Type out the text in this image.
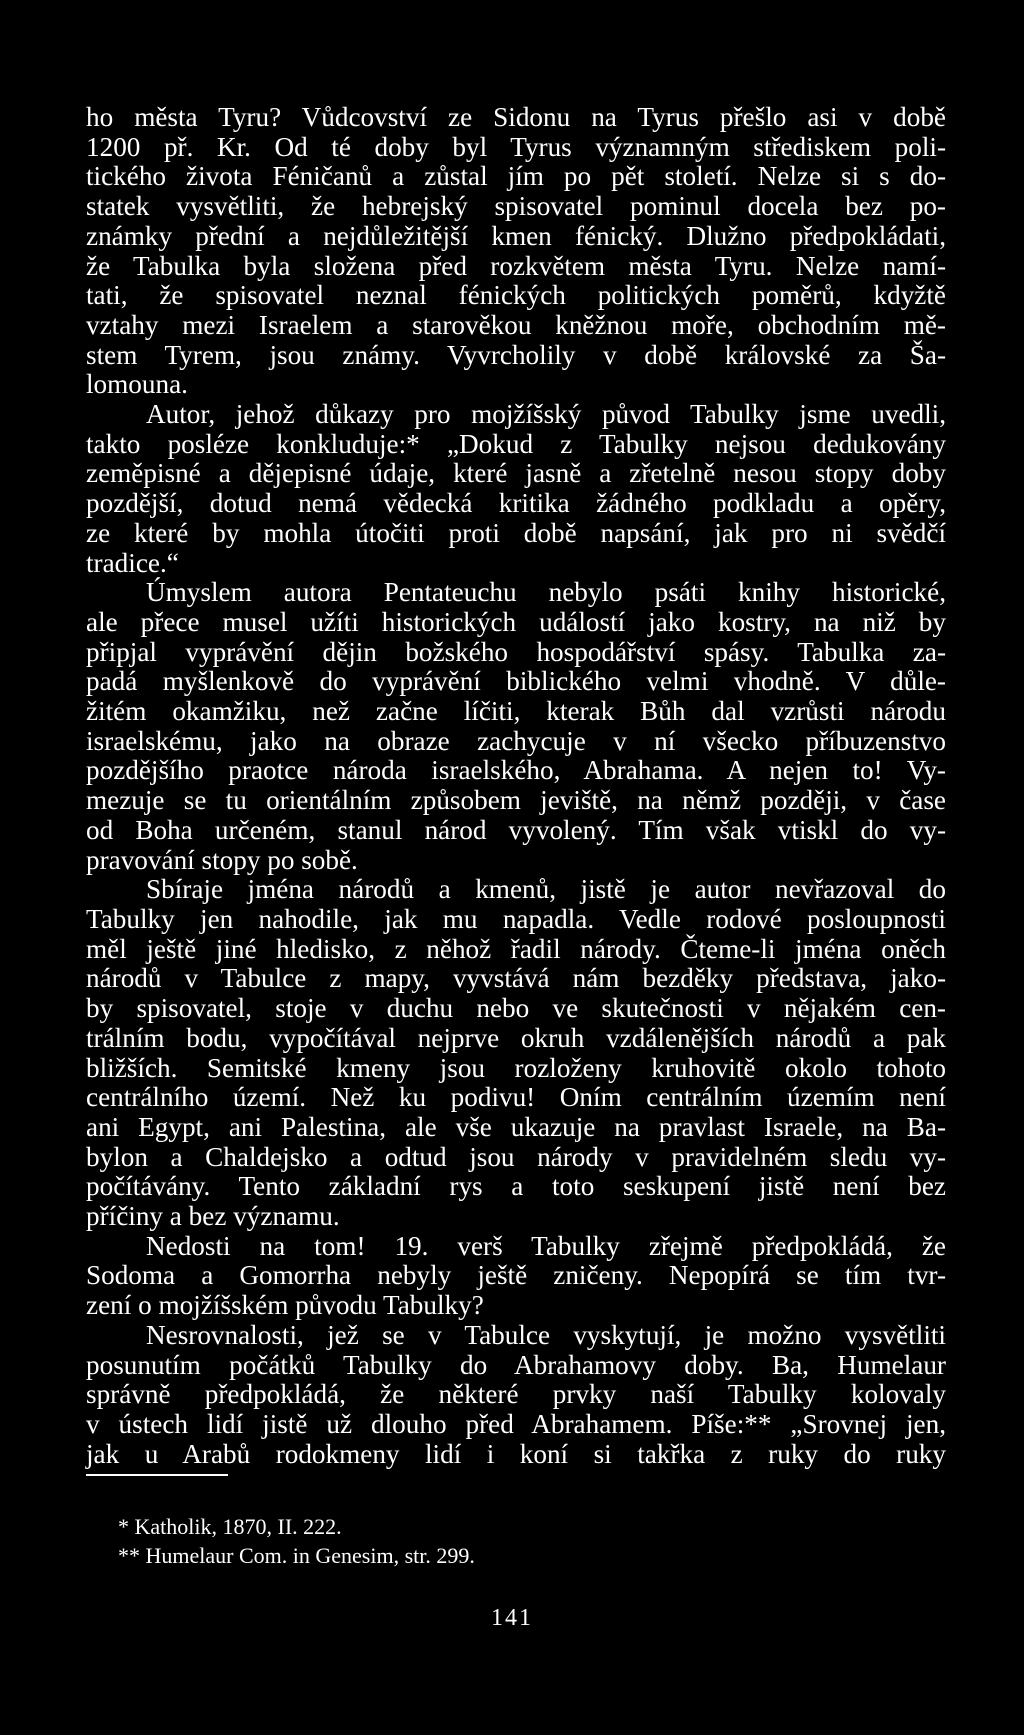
ho města Tyru? Vůdcovství ze Sidonu na Tyrus přešlo asi v době
1200 př. Kr. Od té doby byl Tyrus významným střediskem poli-
tického života Féničanů a zůstal jím po pět století. Nelze si s do-
statek vysvětliti, že hebrejský spisovatel pominul docela bez po-
známky přední a nejdůležitější kmen fénický. Dlužno předpokládati,
že Tabulka byla složena před rozkvětem města Tyru. Nelze namí-
tati, že spisovatel neznal fénických politických poměrů, kdyžtě
vztahy mezi Israelem a starověkou kněžnou moře, obchodním mě-
stem Tyrem, jsou známy. Vyvrcholily v době královské za Ša-
lomouna.

Autor, jehož důkazy pro mojžíšský původ Tabulky jsme uvedli,
takto posléze konkluduje:* „Dokud z Tabulky nejsou dedukovány
zeměpisné a dějepisné údaje, které jasně a zřetelně nesou stopy doby
pozdější, dotud nemá vědecká kritika žádného podkladu a opěry,
ze které by mohla útočiti proti době napsání, jak pro ni svědčí
tradice.“

Úmyslem autora Pentateuchu nebylo psáti knihy historické,
ale přece musel užíti historických událostí jako kostry, na niž by
připjal vyprávění dějin božského hospodářství spásy. Tabulka za-
padá myšlenkově do vyprávění biblického velmi vhodně. V důle-
žitém okamžiku, než začne líčiti, kterak Bůh dal vzrůsti národu
israelskému, jako na obraze zachycuje v ní všecko příbuzenstvo
pozdějšího praotce národa israelského, Abrahama. A nejen to! Vy-
mezuje se tu orientálním způsobem jeviště, na němž později, v čase
od Boha určeném, stanul národ vyvolený. Tím však vtiskl do vy-
pravování stopy po sobě.

Sbíraje jména národů a kmenů, jistě je autor nevřazoval do
Tabulky jen nahodile, jak mu napadla. Vedle rodové posloupnosti
měl ještě jiné hledisko, z něhož řadil národy. Čteme-li jména oněch
národů v Tabulce z mapy, vyvstává nám bezděky představa, jako-
by spisovatel, stoje v duchu nebo ve skutečnosti v nějakém cen-
trálním bodu, vypočítával nejprve okruh vzdálenějších národů a pak
bližších. Semitské kmeny jsou rozloženy kruhovitě okolo tohoto
centrálního území. Než ku podivu! Oním centrálním územím není
ani Egypt, ani Palestina, ale vše ukazuje na pravlast Israele, na Ba-
bylon a Chaldejsko a odtud jsou národy v pravidelném sledu vy-
počítávány. Tento základní rys a toto seskupení jistě není bez
příčiny a bez významu.

Nedosti na tom! 19. verš Tabulky zřejmě předpokládá, že
Sodoma a Gomorrha nebyly ještě zničeny. Nepopírá se tím tvr-
zení o mojžíšském původu Tabulky?

Nesrovnalosti, jež se v Tabulce vyskytují, je možno vysvětliti
posunutím počátků Tabulky do Abrahamovy doby. Ba, Humelaur
správně předpokládá, že některé prvky naší Tabulky kolovaly
v ústech lidí jistě už dlouho před Abrahamem. Píše:** „Srovnej jen,
jak u Arabů rodokmeny lidí i koní si takřka z ruky do ruky

* Katholik, 1870, II. 222.
** Humelaur Com. in Genesim, str. 299.
141
